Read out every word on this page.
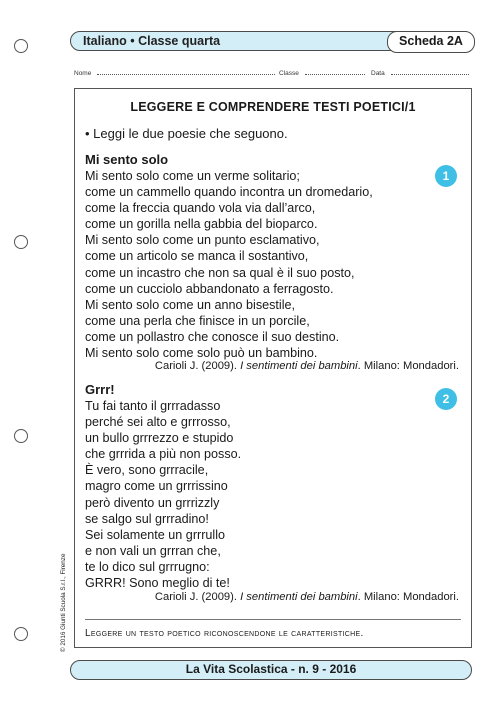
Italiano • Classe quarta	Scheda 2A
Nome	Classe	Data
LEGGERE E COMPRENDERE TESTI POETICI/1
• Leggi le due poesie che seguono.
Mi sento solo
1
Mi sento solo come un verme solitario;
come un cammello quando incontra un dromedario,
come la freccia quando vola via dall’arco,
come un gorilla nella gabbia del bioparco.
Mi sento solo come un punto esclamativo,
come un articolo se manca il sostantivo,
come un incastro che non sa qual è il suo posto,
come un cucciolo abbandonato a ferragosto.
Mi sento solo come un anno bisestile,
come una perla che finisce in un porcile,
come un pollastro che conosce il suo destino.
Mi sento solo come solo può un bambino.
Carioli J. (2009). I sentimenti dei bambini. Milano: Mondadori.
Grrr!
2
Tu fai tanto il grrradasso
perché sei alto e grrrosso,
un bullo grrrezzo e stupido
che grrrida a più non posso.
È vero, sono grrracile,
magro come un grrrissino
però divento un grrrizzly
se salgo sul grrradino!
Sei solamente un grrrullo
e non vali un grrran che,
te lo dico sul grrrugno:
GRRR! Sono meglio di te!
Carioli J. (2009). I sentimenti dei bambini. Milano: Mondadori.
Leggere un testo poetico riconoscendone le caratteristiche.
© 2016 Giunti Scuola S.r.l., Firenze
La Vita Scolastica - n. 9 - 2016
